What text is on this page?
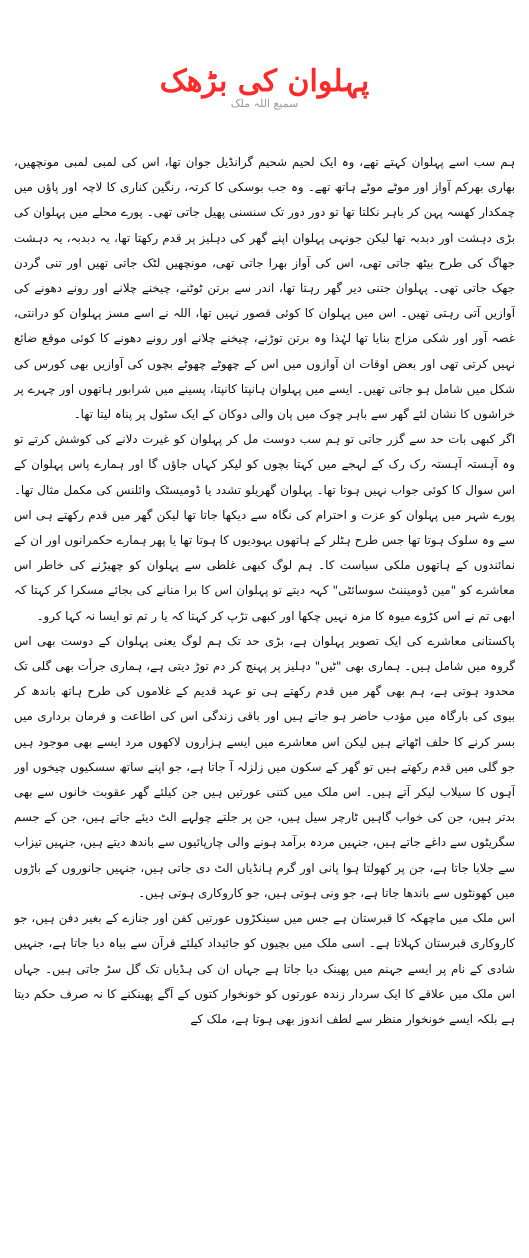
پہلوان کی بڑھک
سمیع اللہ ملک

ہم سب اسے پہلوان کہتے تھے، وہ ایک لحیم شحیم گرانڈیل جوان تھا، اس کی لمبی لمبی مونچھیں، بھاری بھرکم آواز اور موٹے موٹے ہاتھ تھے۔ وہ جب بوسکی کا کرتہ، رنگین کناری کا لاچہ اور پاؤں میں چمکدار کھسہ پہن کر باہر نکلتا تھا تو دور دور تک سنسنی پھیل جاتی تھی۔ پورے محلے میں پہلوان کی بڑی دہشت اور دبدبہ تھا لیکن جونہی پہلوان اپنے گھر کی دہلیز پر قدم رکھتا تھا، یہ دبدبہ، یہ دہشت جھاگ کی طرح بیٹھ جاتی تھی، اس کی آواز بھرا جاتی تھی، مونچھیں لٹک جاتی تھیں اور تنی گردن جھک جاتی تھی۔ پہلوان جتنی دیر گھر رہتا تھا، اندر سے برتن ٹوٹنے، چیخنے چلانے اور رونے دھونے کی آوازیں آتی رہتی تھیں۔ اس میں پہلوان کا کوئی قصور نہیں تھا، اللہ نے اسے مسز پہلوان کو درانتی، غصہ آور اور شکی مزاج بنایا تھا لہٰذا وہ برتن توڑنے، چیخنے چلانے اور رونے دھونے کا کوئی موقع ضائع نہیں کرتی تھی اور بعض اوقات ان آوازوں میں اس کے چھوٹے چھوٹے بچوں کی آوازیں بھی کورس کی شکل میں شامل ہو جاتی تھیں۔ ایسے میں پہلوان ہانپتا کانپتا، پسینے میں شرابور ہاتھوں اور چہرے پر خراشوں کا نشان لئے گھر سے باہر چوک میں پان والی دوکان کے ایک سٹول پر پناہ لیتا تھا۔

اگر کبھی بات حد سے گزر جاتی تو ہم سب دوست مل کر پہلوان کو غیرت دلانے کی کوشش کرتے تو وہ آہستہ آہستہ رک رک کے لہجے میں کہتا بچوں کو لیکر کہاں جاؤں گا اور ہمارے پاس پہلوان کے اس سوال کا کوئی جواب نہیں ہوتا تھا۔ پہلوان گھریلو تشدد یا ڈومیسٹک وائلنس کی مکمل مثال تھا۔ پورے شہر میں پہلوان کو عزت و احترام کی نگاہ سے دیکھا جاتا تھا لیکن گھر میں قدم رکھتے ہی اس سے وہ سلوک ہوتا تھا جس طرح ہٹلر کے ہاتھوں یہودیوں کا ہوتا تھا یا پھر ہمارے حکمرانوں اور ان کے نمائندوں کے ہاتھوں ملکی سیاست کا۔ ہم لوگ کبھی غلطی سے پہلوان کو چھیڑنے کی خاطر اس معاشرے کو "مین ڈومیننٹ سوسائٹی" کہہ دیتے تو پہلوان اس کا برا منانے کی بجائے مسکرا کر کہتا کہ ابھی تم نے اس کڑوے میوہ کا مزہ نہیں چکھا اور کبھی تڑپ کر کہتا کہ یا ر تم تو ایسا نہ کہا کرو۔

پاکستانی معاشرے کی ایک تصویر پہلوان ہے، بڑی حد تک ہم لوگ یعنی پہلوان کے دوست بھی اس گروہ میں شامل ہیں۔ ہماری بھی "ٹیں" دہلیز پر پہنچ کر دم توڑ دیتی ہے، ہماری جرأت بھی گلی تک محدود ہوتی ہے، ہم بھی گھر میں قدم رکھتے ہی تو عہد قدیم کے غلاموں کی طرح ہاتھ باندھ کر بیوی کی بارگاہ میں مؤدب حاضر ہو جاتے ہیں اور باقی زندگی اس کی اطاعت و فرمان برداری میں بسر کرنے کا حلف اٹھاتے ہیں لیکن اس معاشرے میں ایسے ہزاروں لاکھوں مرد ایسے بھی موجود ہیں جو گلی میں قدم رکھتے ہیں تو گھر کے سکون میں زلزلہ آ جاتا ہے، جو اپنے ساتھ سسکیوں چیخوں اور آہوں کا سیلاب لیکر آتے ہیں۔ اس ملک میں کتنی عورتیں ہیں جن کیلئے گھر عقوبت خانوں سے بھی بدتر ہیں، جن کی خواب گاہیں ٹارچر سیل ہیں، جن پر جلتے چولہے الٹ دیئے جاتے ہیں، جن کے جسم سگریٹوں سے داغے جاتے ہیں، جنہیں مردہ برآمد ہونے والی چارپائیوں سے باندھ دیتے ہیں، جنہیں تیزاب سے جلایا جاتا ہے، جن پر کھولتا ہوا پانی اور گرم ہانڈیاں الٹ دی جاتی ہیں، جنہیں جانوروں کے باڑوں میں کھونٹوں سے باندھا جاتا ہے، جو ونی ہوتی ہیں، جو کاروکاری ہوتی ہیں۔

اس ملک میں ماچھکہ کا قبرستان ہے جس میں سینکڑوں عورتیں کفن اور جنازے کے بغیر دفن ہیں، جو کاروکاری قبرستان کہلاتا ہے۔ اسی ملک میں بچیوں کو جائیداد کیلئے قرآن سے بیاہ دیا جاتا ہے، جنہیں شادی کے نام پر ایسے جہنم میں پھینک دیا جاتا ہے جہاں ان کی ہڈیاں تک گل سڑ جاتی ہیں۔ جہاں اس ملک میں علاقے کا ایک سردار زندہ عورتوں کو خونخوار کتوں کے آگے پھینکنے کا نہ صرف حکم دیتا ہے بلکہ ایسے خونخوار منظر سے لطف اندوز بھی ہوتا ہے، ملک کے
